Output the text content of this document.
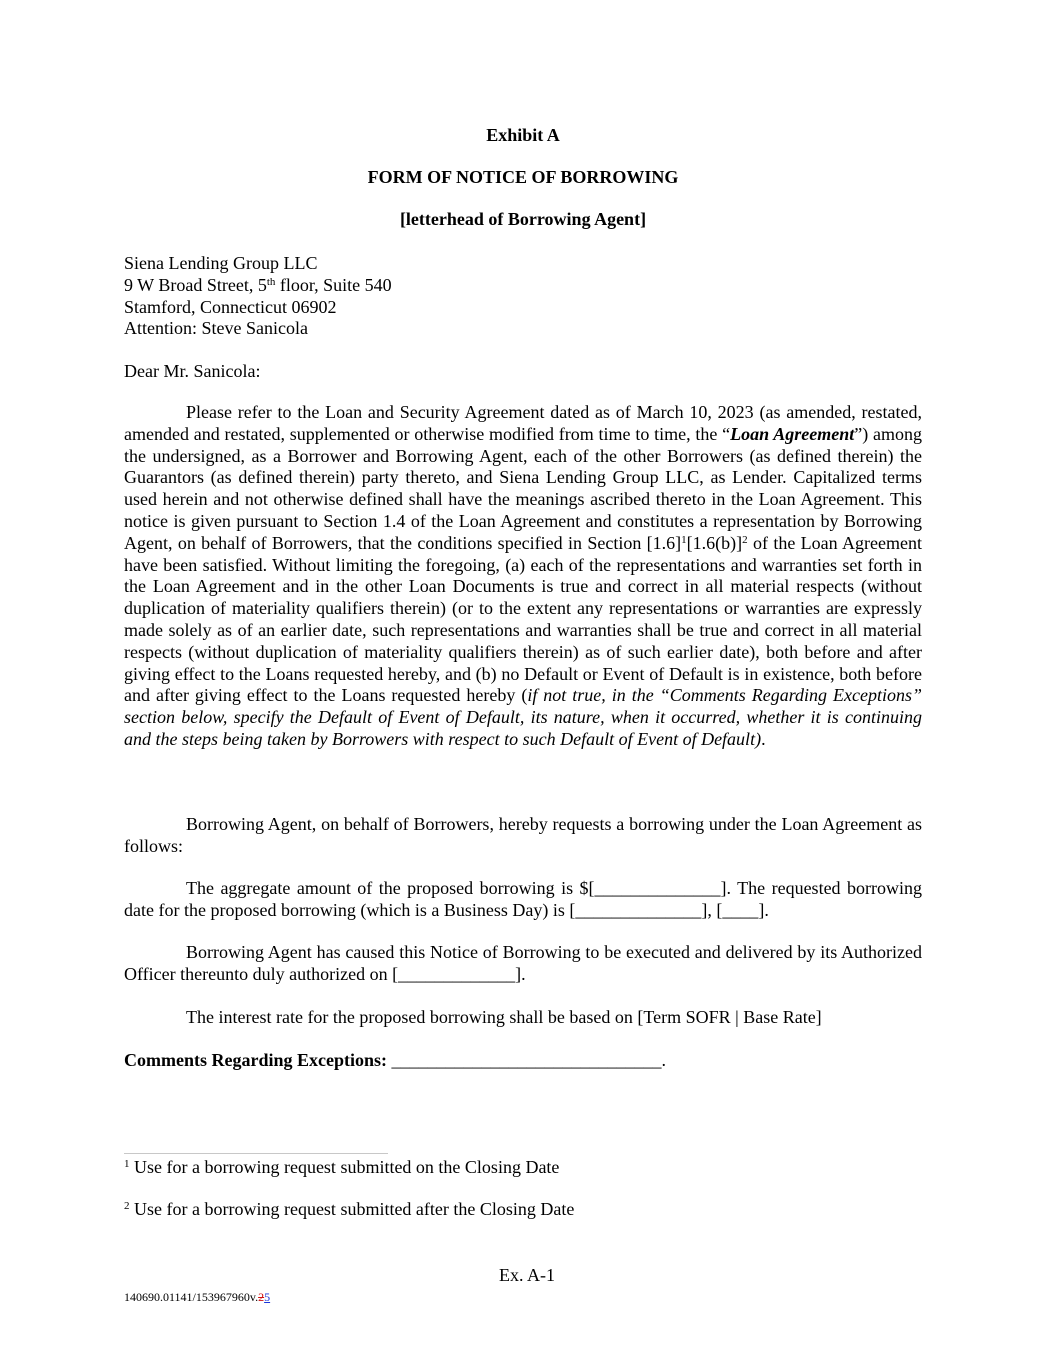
Exhibit A
FORM OF NOTICE OF BORROWING
[letterhead of Borrowing Agent]
Siena Lending Group LLC
9 W Broad Street, 5th floor, Suite 540
Stamford, Connecticut 06902
Attention: Steve Sanicola
Dear Mr. Sanicola:
Please refer to the Loan and Security Agreement dated as of March 10, 2023 (as amended, restated, amended and restated, supplemented or otherwise modified from time to time, the “Loan Agreement”) among the undersigned, as a Borrower and Borrowing Agent, each of the other Borrowers (as defined therein) the Guarantors (as defined therein) party thereto, and Siena Lending Group LLC, as Lender. Capitalized terms used herein and not otherwise defined shall have the meanings ascribed thereto in the Loan Agreement. This notice is given pursuant to Section 1.4 of the Loan Agreement and constitutes a representation by Borrowing Agent, on behalf of Borrowers, that the conditions specified in Section $[1.6]^1[1.6(b)]^2$ of the Loan Agreement have been satisfied. Without limiting the foregoing, (a) each of the representations and warranties set forth in the Loan Agreement and in the other Loan Documents is true and correct in all material respects (without duplication of materiality qualifiers therein) (or to the extent any representations or warranties are expressly made solely as of an earlier date, such representations and warranties shall be true and correct in all material respects (without duplication of materiality qualifiers therein) as of such earlier date), both before and after giving effect to the Loans requested hereby, and (b) no Default or Event of Default is in existence, both before and after giving effect to the Loans requested hereby (if not true, in the “Comments Regarding Exceptions” section below, specify the Default of Event of Default, its nature, when it occurred, whether it is continuing and the steps being taken by Borrowers with respect to such Default of Event of Default).
Borrowing Agent, on behalf of Borrowers, hereby requests a borrowing under the Loan Agreement as follows:
The aggregate amount of the proposed borrowing is $[______________]. The requested borrowing date for the proposed borrowing (which is a Business Day) is [______________], [____].
Borrowing Agent has caused this Notice of Borrowing to be executed and delivered by its Authorized Officer thereunto duly authorized on [_____________].
The interest rate for the proposed borrowing shall be based on [Term SOFR | Base Rate]
Comments Regarding Exceptions: ______________________________.
$^1$ Use for a borrowing request submitted on the Closing Date
$^2$ Use for a borrowing request submitted after the Closing Date
Ex. A-1
140690.01141/153967960v.25
